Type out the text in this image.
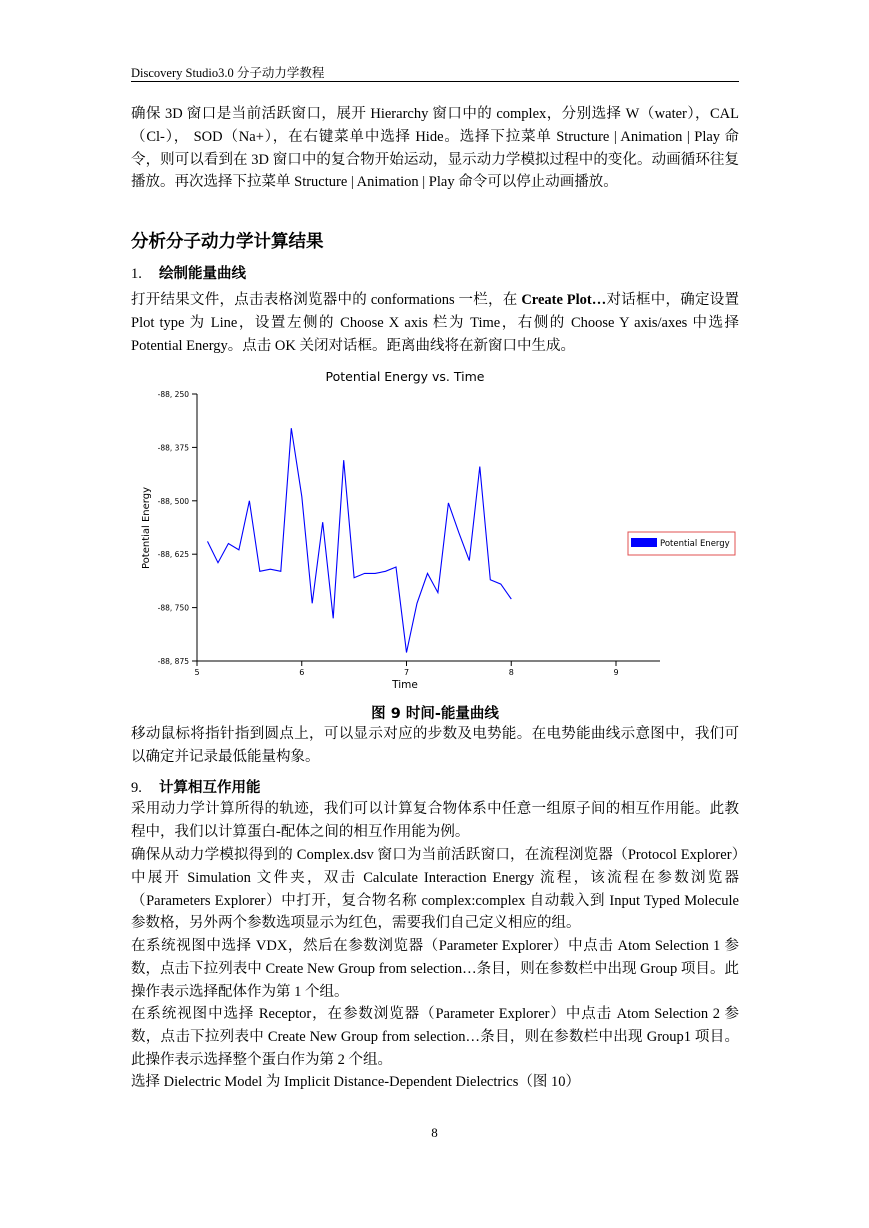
Discovery Studio3.0 分子动力学教程
确保 3D 窗口是当前活跃窗口，展开 Hierarchy 窗口中的 complex，分别选择 W（water），CAL（Cl-）， SOD（Na+），在右键菜单中选择 Hide。选择下拉菜单 Structure | Animation | Play 命令，则可以看到在 3D 窗口中的复合物开始运动，显示动力学模拟过程中的变化。动画循环往复播放。再次选择下拉菜单 Structure | Animation | Play 命令可以停止动画播放。
分析分子动力学计算结果
1. 绘制能量曲线
打开结果文件，点击表格浏览器中的 conformations 一栏，在 Create Plot…对话框中，确定设置 Plot type 为 Line，设置左侧的 Choose X axis 栏为 Time，右侧的 Choose Y axis/axes 中选择 Potential Energy。点击 OK 关闭对话框。距离曲线将在新窗口中生成。
Potential Energy vs. Time
Potential Energy
Time
5	6	7	8	9
-88, 250
-88, 375
-88, 500
-88, 625
-88, 750
-88, 875
Potential Energy
图 9 时间-能量曲线
移动鼠标将指针指到圆点上，可以显示对应的步数及电势能。在电势能曲线示意图中，我们可以确定并记录最低能量构象。
9. 计算相互作用能
采用动力学计算所得的轨迹，我们可以计算复合物体系中任意一组原子间的相互作用能。此教程中，我们以计算蛋白-配体之间的相互作用能为例。
确保从动力学模拟得到的 Complex.dsv 窗口为当前活跃窗口，在流程浏览器（Protocol Explorer）中展开 Simulation 文件夹，双击 Calculate Interaction Energy 流程，该流程在参数浏览器（Parameters Explorer）中打开，复合物名称 complex:complex 自动载入到 Input Typed Molecule 参数格，另外两个参数选项显示为红色，需要我们自己定义相应的组。
在系统视图中选择 VDX，然后在参数浏览器（Parameter Explorer）中点击 Atom Selection 1 参数，点击下拉列表中 Create New Group from selection…条目，则在参数栏中出现 Group 项目。此操作表示选择配体作为第 1 个组。
在系统视图中选择 Receptor，在参数浏览器（Parameter Explorer）中点击 Atom Selection 2 参数，点击下拉列表中 Create New Group from selection…条目，则在参数栏中出现 Group1 项目。此操作表示选择整个蛋白作为第 2 个组。
选择 Dielectric Model 为 Implicit Distance-Dependent Dielectrics（图 10）
8
